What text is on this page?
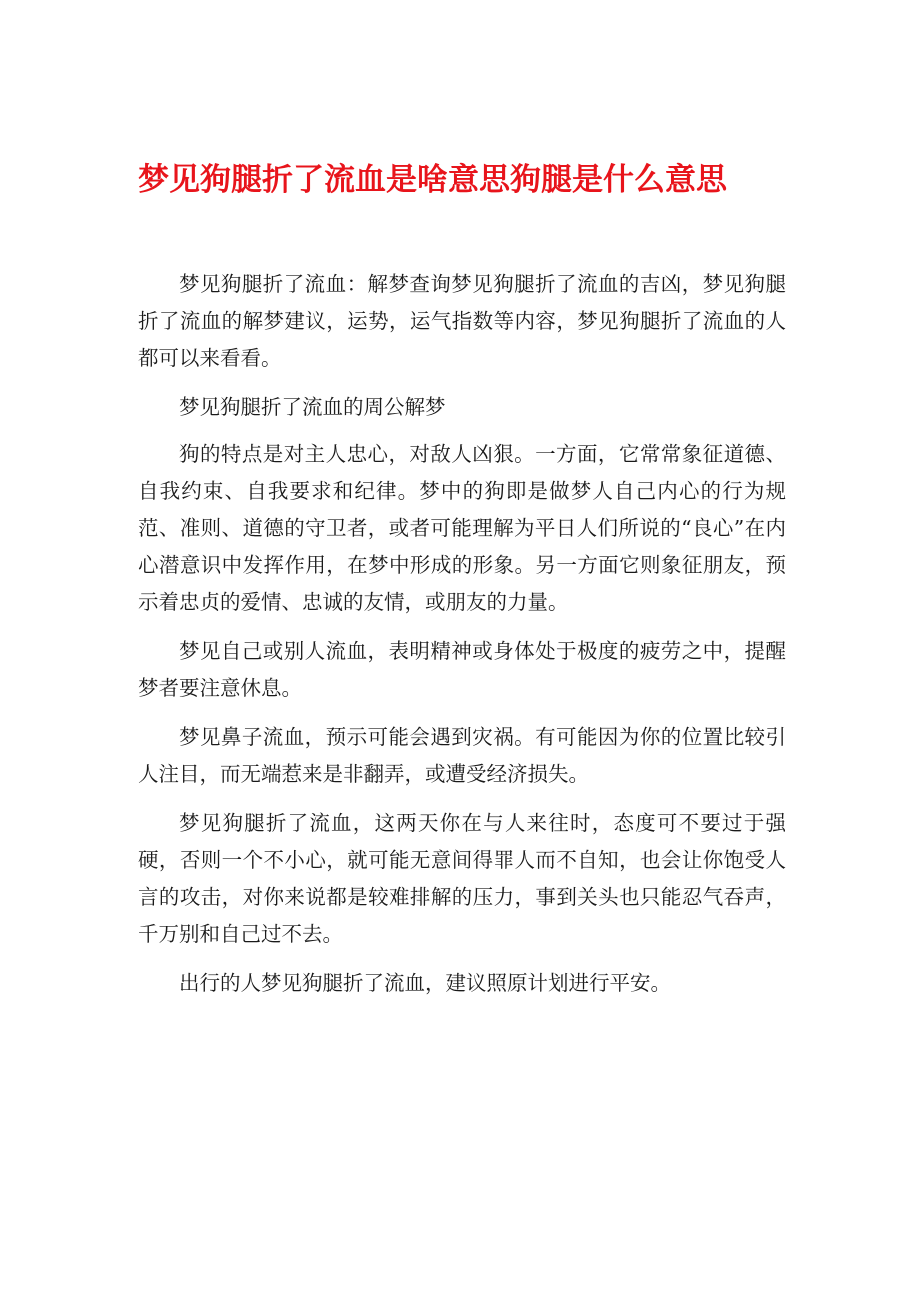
梦见狗腿折了流血是啥意思狗腿是什么意思

梦见狗腿折了流血：解梦查询梦见狗腿折了流血的吉凶，梦见狗腿折了流血的解梦建议，运势，运气指数等内容，梦见狗腿折了流血的人都可以来看看。

梦见狗腿折了流血的周公解梦

狗的特点是对主人忠心，对敌人凶狠。一方面，它常常象征道德、自我约束、自我要求和纪律。梦中的狗即是做梦人自己内心的行为规范、准则、道德的守卫者，或者可能理解为平日人们所说的“良心”在内心潜意识中发挥作用，在梦中形成的形象。另一方面它则象征朋友，预示着忠贞的爱情、忠诚的友情，或朋友的力量。

梦见自己或别人流血，表明精神或身体处于极度的疲劳之中，提醒梦者要注意休息。

梦见鼻子流血，预示可能会遇到灾祸。有可能因为你的位置比较引人注目，而无端惹来是非翻弄，或遭受经济损失。

梦见狗腿折了流血，这两天你在与人来往时，态度可不要过于强硬，否则一个不小心，就可能无意间得罪人而不自知，也会让你饱受人言的攻击，对你来说都是较难排解的压力，事到关头也只能忍气吞声，千万别和自己过不去。

出行的人梦见狗腿折了流血，建议照原计划进行平安。
